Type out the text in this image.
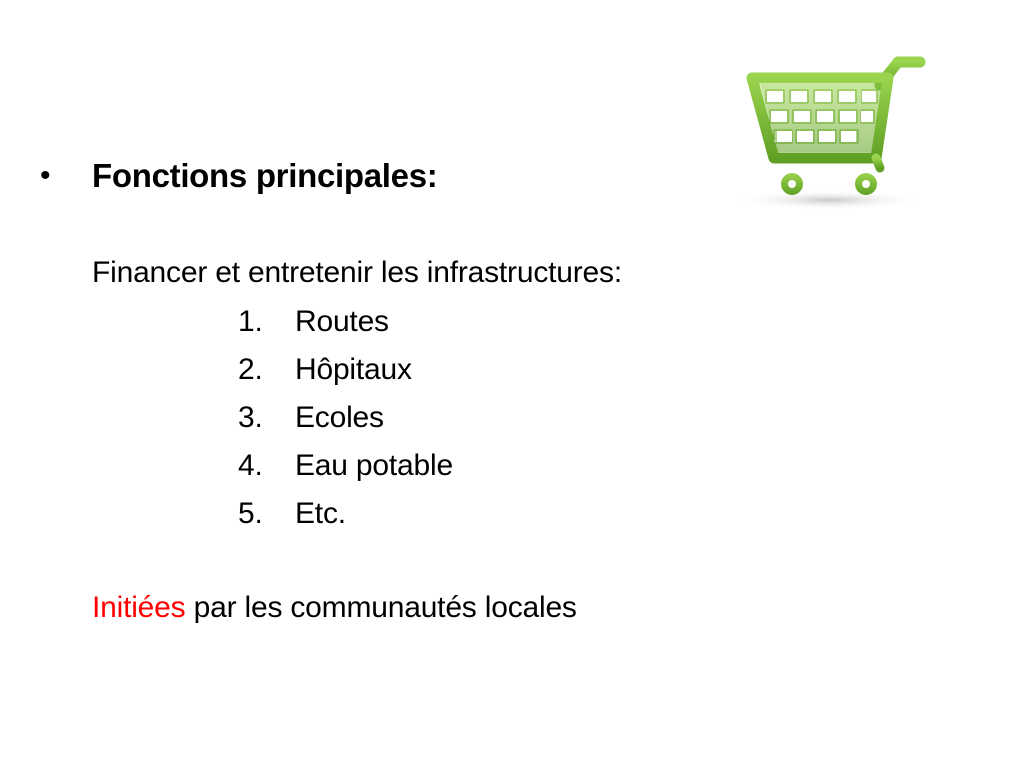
•	Fonctions principales:
Financer et entretenir les infrastructures:
1.	Routes
2.	Hôpitaux
3.	Ecoles
4.	Eau potable
5.	Etc.
Initiées par les communautés locales
